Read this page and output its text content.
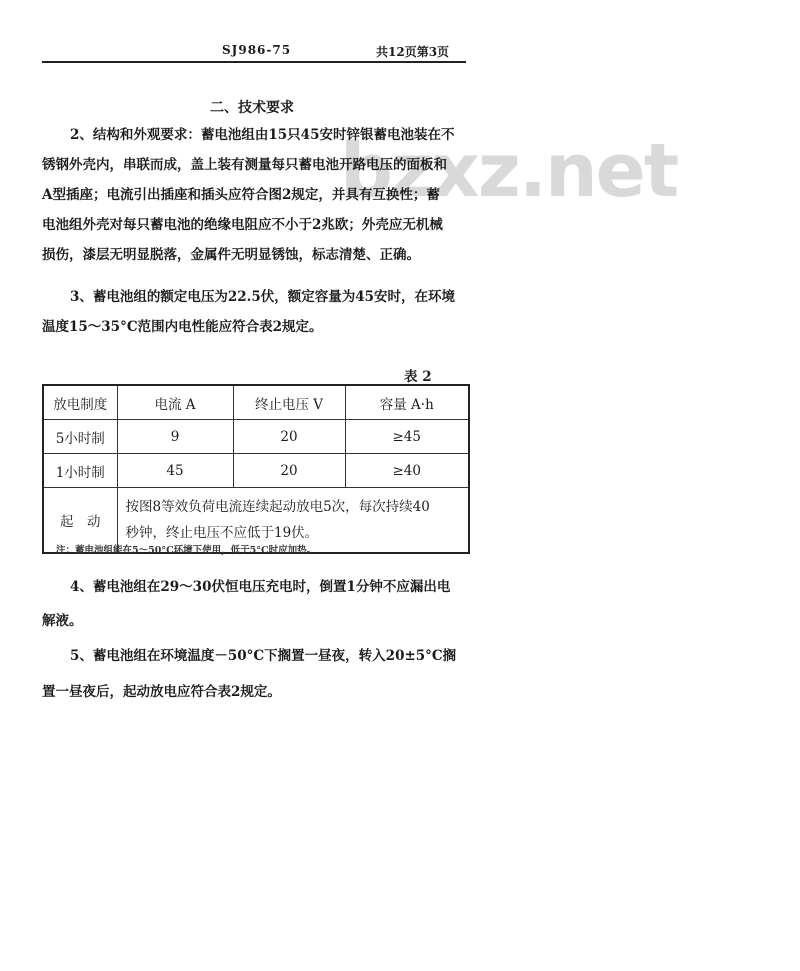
SJ986-75	共12页第3页
bzxz.net
二、技术要求
2、结构和外观要求：蓄电池组由15只45安时锌银蓄电池装在不
锈钢外壳内，串联而成，盖上装有测量每只蓄电池开路电压的面板和
A型插座；电流引出插座和插头应符合图2规定，并具有互换性；蓄
电池组外壳对每只蓄电池的绝缘电阻应不小于2兆欧；外壳应无机械
损伤，漆层无明显脱落，金属件无明显锈蚀，标志清楚、正确。
3、蓄电池组的额定电压为22.5伏，额定容量为45安时，在环境
温度15～35°C范围内电性能应符合表2规定。
表 2
放电制度	电流 A	终止电压 V	容量 A·h
5小时制	9	20	≥45
1小时制	45	20	≥40
起　动	按图8等效负荷电流连续起动放电5次，每次持续40
秒钟，终止电压不应低于19伏。		
注：蓄电池组能在5～50°C环境下使用，低于5°C时应加热。
4、蓄电池组在29～30伏恒电压充电时，倒置1分钟不应漏出电
解液。
5、蓄电池组在环境温度－50°C下搁置一昼夜，转入20±5°C搁
置一昼夜后，起动放电应符合表2规定。
